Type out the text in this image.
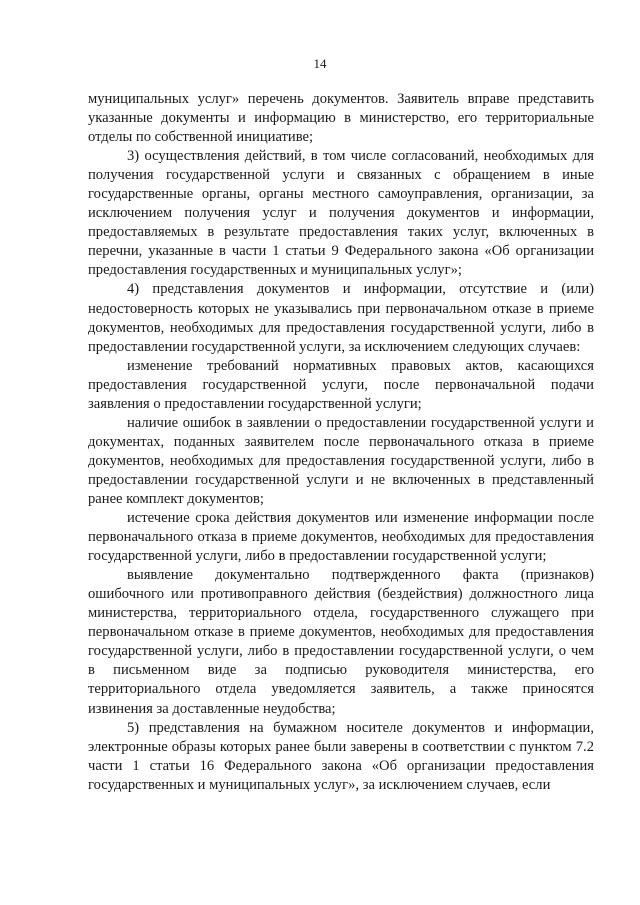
14

муниципальных услуг» перечень документов. Заявитель вправе представить указанные документы и информацию в министерство, его территориальные отделы по собственной инициативе;

3) осуществления действий, в том числе согласований, необходимых для получения государственной услуги и связанных с обращением в иные государственные органы, органы местного самоуправления, организации, за исключением получения услуг и получения документов и информации, предоставляемых в результате предоставления таких услуг, включенных в перечни, указанные в части 1 статьи 9 Федерального закона «Об организации предоставления государственных и муниципальных услуг»;

4) представления документов и информации, отсутствие и (или) недостоверность которых не указывались при первоначальном отказе в приеме документов, необходимых для предоставления государственной услуги, либо в предоставлении государственной услуги, за исключением следующих случаев:

изменение требований нормативных правовых актов, касающихся предоставления государственной услуги, после первоначальной подачи заявления о предоставлении государственной услуги;

наличие ошибок в заявлении о предоставлении государственной услуги и документах, поданных заявителем после первоначального отказа в приеме документов, необходимых для предоставления государственной услуги, либо в предоставлении государственной услуги и не включенных в представленный ранее комплект документов;

истечение срока действия документов или изменение информации после первоначального отказа в приеме документов, необходимых для предоставления государственной услуги, либо в предоставлении государственной услуги;

выявление документально подтвержденного факта (признаков) ошибочного или противоправного действия (бездействия) должностного лица министерства, территориального отдела, государственного служащего при первоначальном отказе в приеме документов, необходимых для предоставления государственной услуги, либо в предоставлении государственной услуги, о чем в письменном виде за подписью руководителя министерства, его территориального отдела уведомляется заявитель, а также приносятся извинения за доставленные неудобства;

5) представления на бумажном носителе документов и информации, электронные образы которых ранее были заверены в соответствии с пунктом 7.2 части 1 статьи 16 Федерального закона «Об организации предоставления государственных и муниципальных услуг», за исключением случаев, если
